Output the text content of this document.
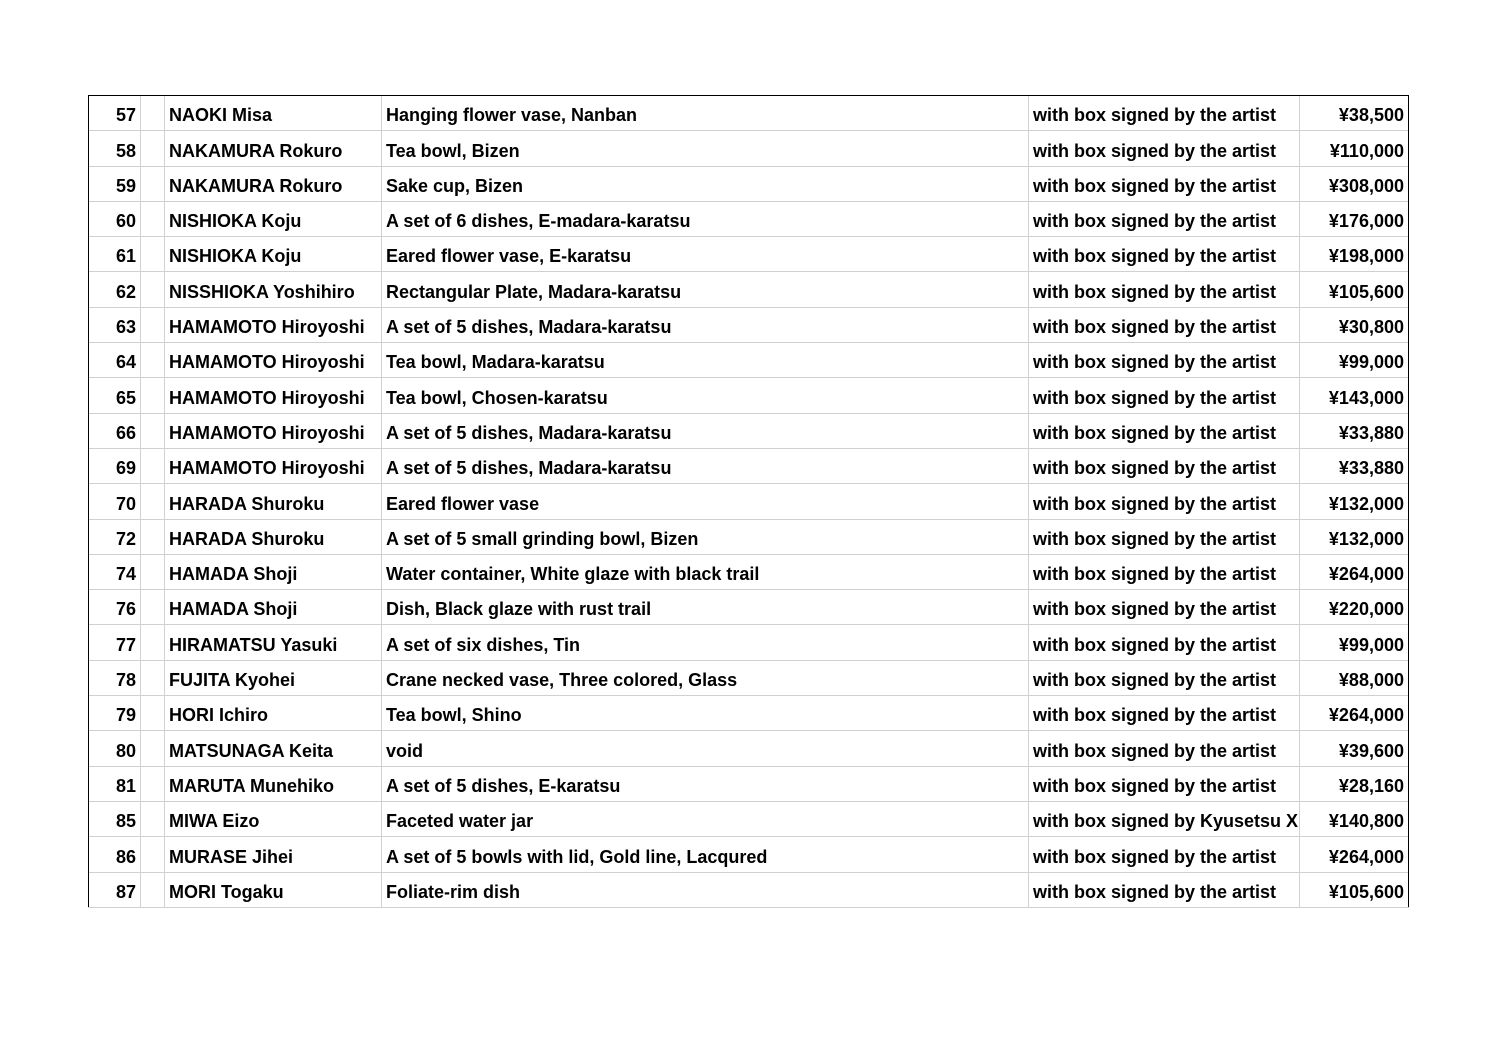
57		NAOKI Misa	Hanging flower vase, Nanban	with box signed by the artist	¥38,500
58		NAKAMURA Rokuro	Tea bowl, Bizen	with box signed by the artist	¥110,000
59		NAKAMURA Rokuro	Sake cup, Bizen	with box signed by the artist	¥308,000
60		NISHIOKA Koju	A set of 6 dishes, E-madara-karatsu	with box signed by the artist	¥176,000
61		NISHIOKA Koju	Eared flower vase, E-karatsu	with box signed by the artist	¥198,000
62		NISSHIOKA Yoshihiro	Rectangular Plate, Madara-karatsu	with box signed by the artist	¥105,600
63		HAMAMOTO Hiroyoshi	A set of 5 dishes, Madara-karatsu	with box signed by the artist	¥30,800
64		HAMAMOTO Hiroyoshi	Tea bowl, Madara-karatsu	with box signed by the artist	¥99,000
65		HAMAMOTO Hiroyoshi	Tea bowl, Chosen-karatsu	with box signed by the artist	¥143,000
66		HAMAMOTO Hiroyoshi	A set of 5 dishes, Madara-karatsu	with box signed by the artist	¥33,880
69		HAMAMOTO Hiroyoshi	A set of 5 dishes, Madara-karatsu	with box signed by the artist	¥33,880
70		HARADA Shuroku	Eared flower vase	with box signed by the artist	¥132,000
72		HARADA Shuroku	A set of 5 small grinding bowl, Bizen	with box signed by the artist	¥132,000
74		HAMADA Shoji	Water container, White glaze with black trail	with box signed by the artist	¥264,000
76		HAMADA Shoji	Dish, Black glaze with rust trail	with box signed by the artist	¥220,000
77		HIRAMATSU Yasuki	A set of six dishes, Tin	with box signed by the artist	¥99,000
78		FUJITA Kyohei	Crane necked vase, Three colored, Glass	with box signed by the artist	¥88,000
79		HORI Ichiro	Tea bowl, Shino	with box signed by the artist	¥264,000
80		MATSUNAGA Keita	void	with box signed by the artist	¥39,600
81		MARUTA Munehiko	A set of 5 dishes, E-karatsu	with box signed by the artist	¥28,160
85		MIWA Eizo	Faceted water jar	with box signed by Kyusetsu X	¥140,800
86		MURASE Jihei	A set of 5 bowls with lid, Gold line, Lacqured	with box signed by the artist	¥264,000
87		MORI Togaku	Foliate-rim dish	with box signed by the artist	¥105,600
